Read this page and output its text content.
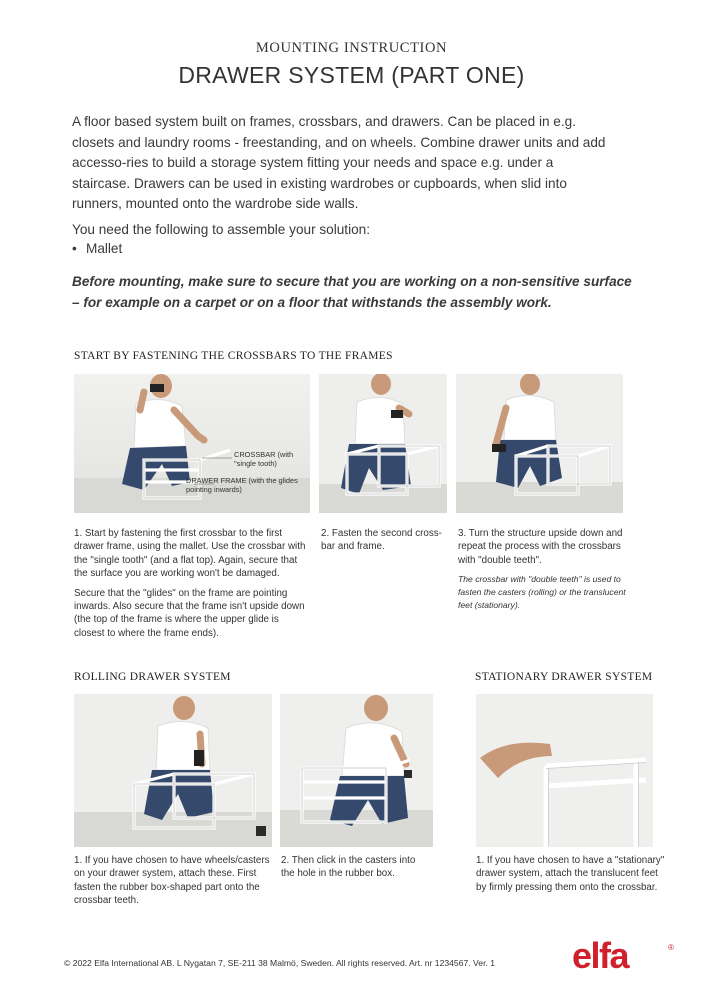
MOUNTING INSTRUCTION
DRAWER SYSTEM (PART ONE)
A floor based system built on frames, crossbars, and drawers. Can be placed in e.g. closets and laundry rooms - freestanding, and on wheels. Combine drawer units and add accesso-ries to build a storage system fitting your needs and space e.g. under a staircase. Drawers can be used in existing wardrobes or cupboards, when slid into runners, mounted onto the wardrobe side walls.
You need the following to assemble your solution:
• Mallet
Before mounting, make sure to secure that you are working on a non-sensitive surface – for example on a carpet or on a floor that withstands the assembly work.
START BY FASTENING THE CROSSBARS TO THE FRAMES
CROSSBAR (with "single tooth)
DRAWER FRAME (with the glides pointing inwards)

1. Start by fastening the first crossbar to the first drawer frame, using the mallet. Use the crossbar with the "single tooth" (and a flat top). Again, secure that the surface you are working won't be damaged.

Secure that the "glides" on the frame are pointing inwards. Also secure that the frame isn't upside down (the top of the frame is where the upper glide is closest to where the frame ends).

2. Fasten the second cross-bar and frame.

3. Turn the structure upside down and repeat the process with the crossbars with "double teeth".

The crossbar with "double teeth" is used to fasten the casters (rolling) or the translucent feet (stationary).

ROLLING DRAWER SYSTEM	STATIONARY DRAWER SYSTEM

1. If you have chosen to have wheels/casters on your drawer system, attach these. First fasten the rubber box-shaped part onto the crossbar teeth.

2. Then click in the casters into the hole in the rubber box.

1. If you have chosen to have a "stationary" drawer system, attach the translucent feet by firmly pressing them onto the crossbar.

© 2022 Elfa International AB. L Nygatan 7, SE-211 38 Malmö, Sweden. All rights reserved. Art. nr 1234567. Ver. 1 elfa	®
